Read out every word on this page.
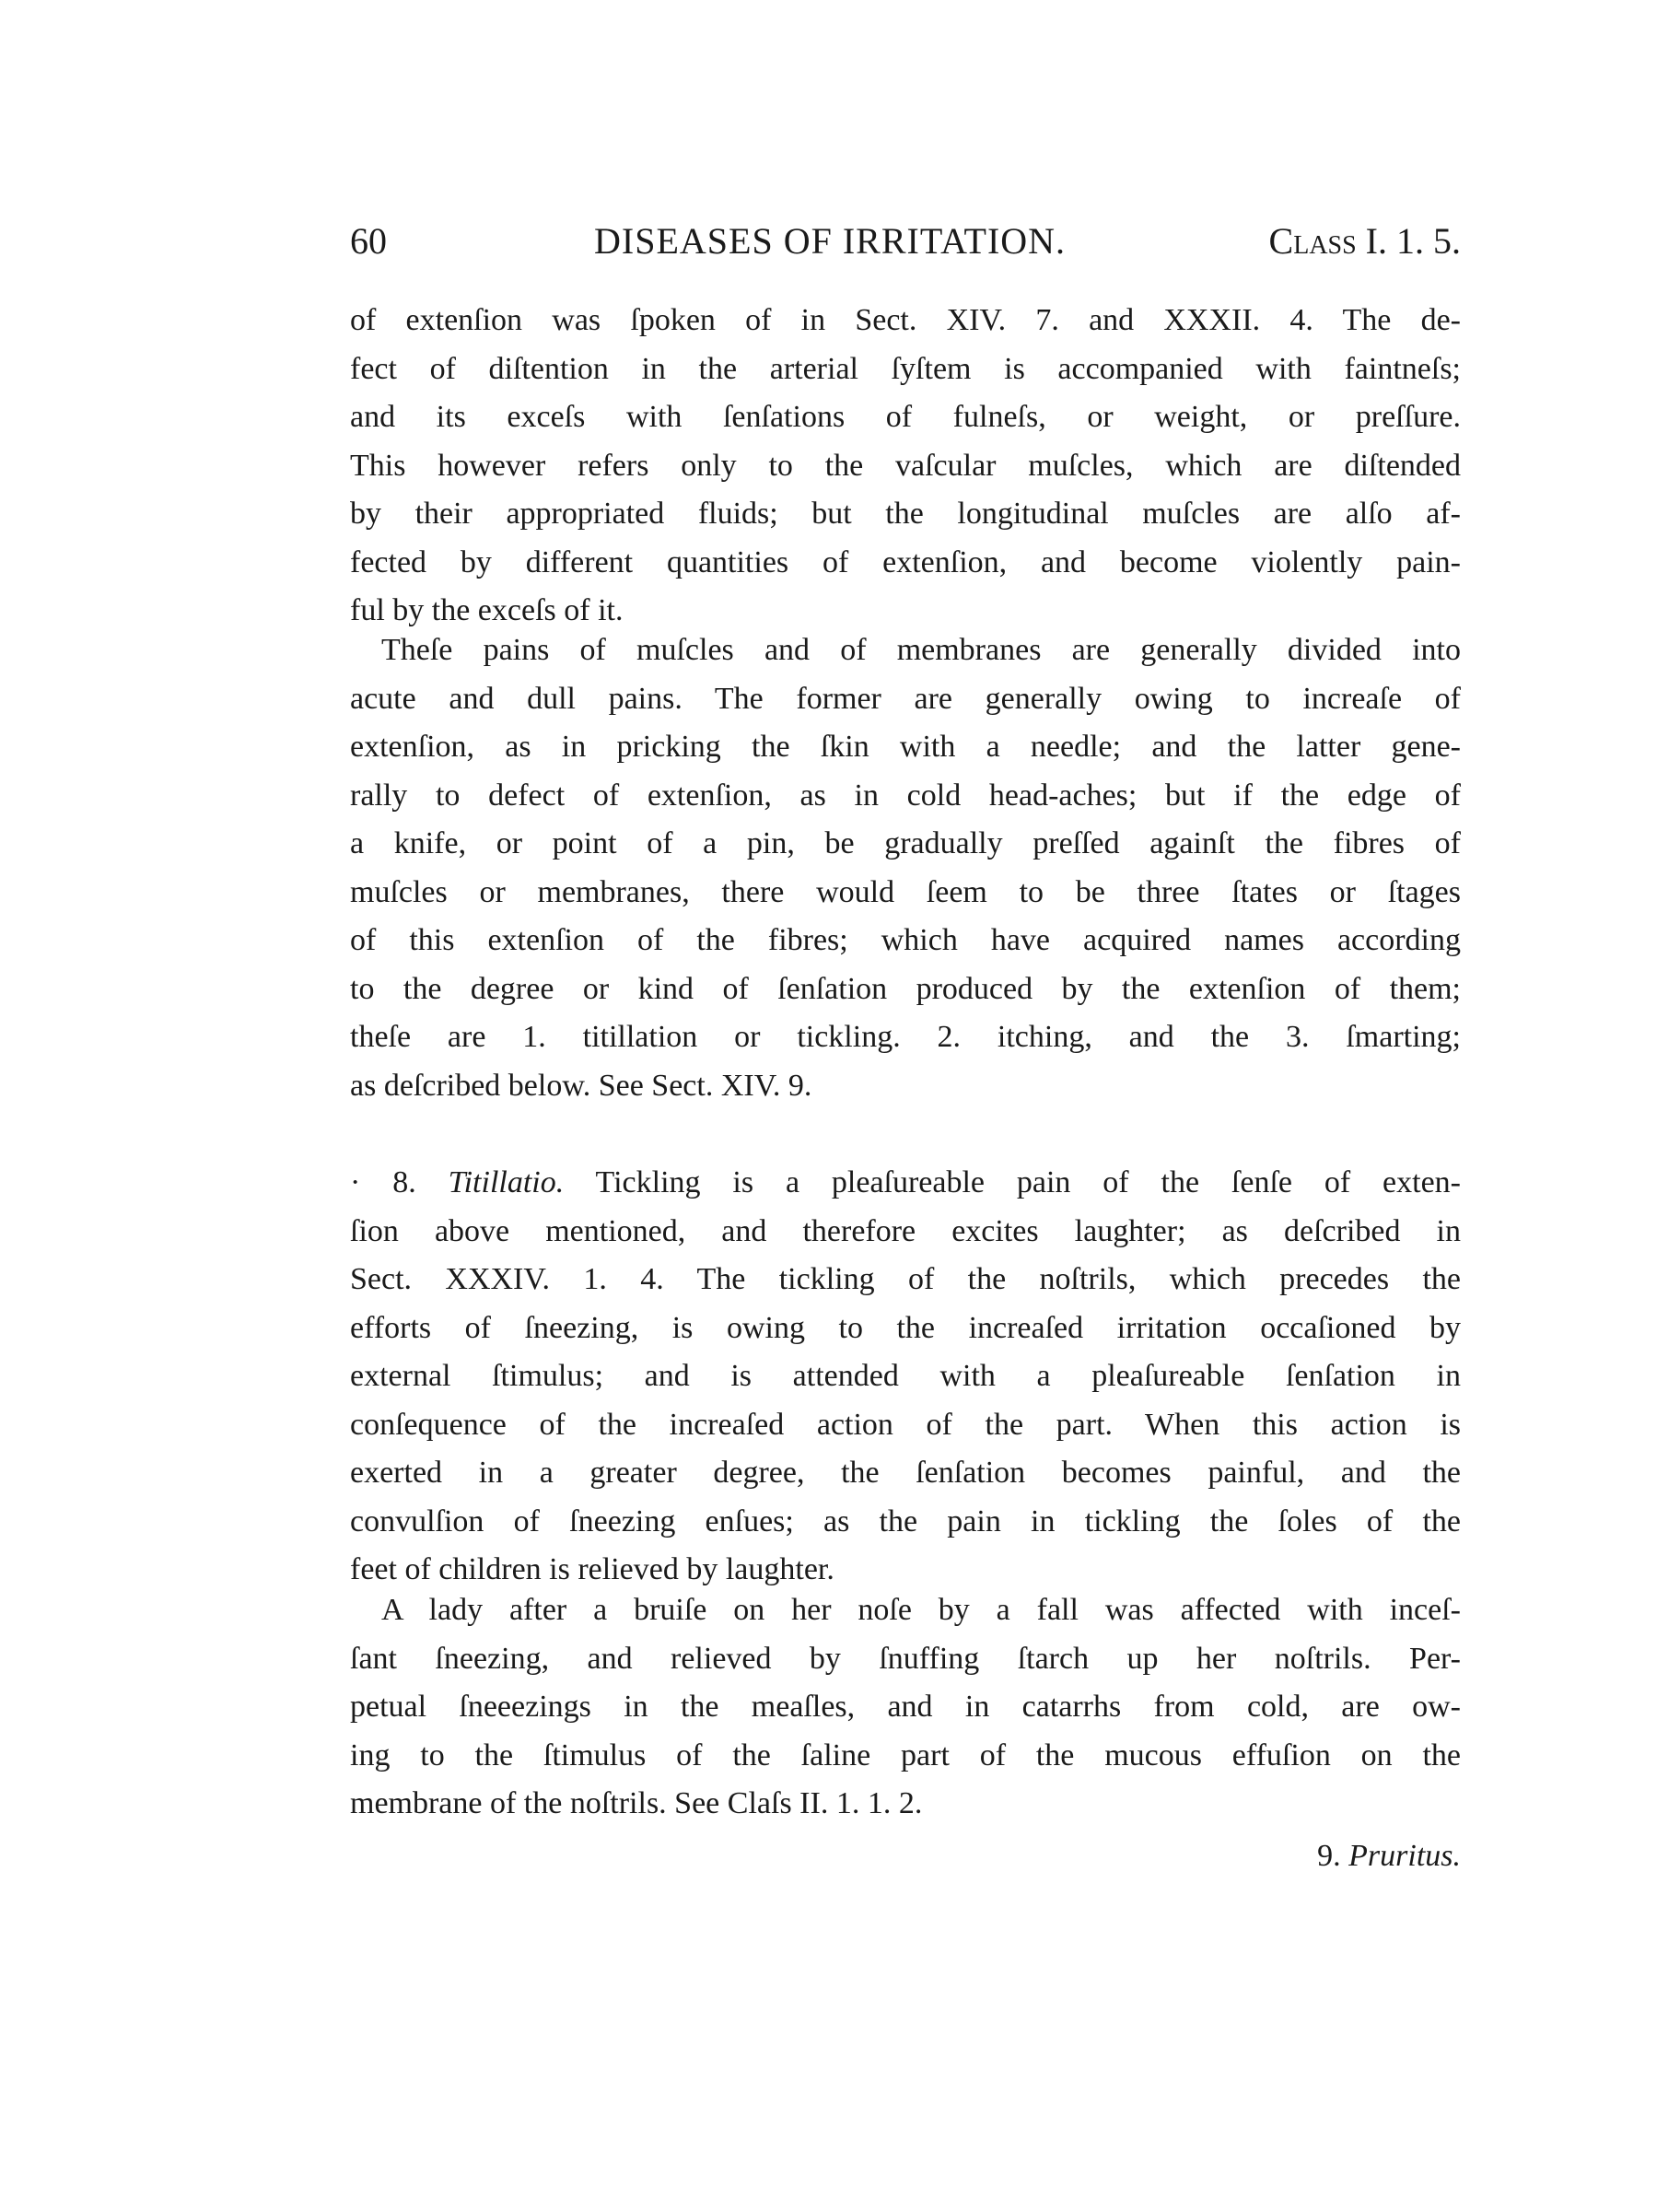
60	DISEASES OF IRRITATION.	Class I. 1. 5.
of extenſion was ſpoken of in Sect. XIV. 7. and XXXII. 4. The de-
fect of diſtention in the arterial ſyſtem is accompanied with faintneſs;
and its exceſs with ſenſations of fulneſs, or weight, or preſſure.
This however refers only to the vaſcular muſcles, which are diſtended
by their appropriated fluids; but the longitudinal muſcles are alſo af-
fected by different quantities of extenſion, and become violently pain-
ful by the exceſs of it.
Theſe pains of muſcles and of membranes are generally divided into
acute and dull pains. The former are generally owing to increaſe of
extenſion, as in pricking the ſkin with a needle; and the latter gene-
rally to defect of extenſion, as in cold head-aches; but if the edge of
a knife, or point of a pin, be gradually preſſed againſt the fibres of
muſcles or membranes, there would ſeem to be three ſtates or ſtages
of this extenſion of the fibres; which have acquired names according
to the degree or kind of ſenſation produced by the extenſion of them;
theſe are 1. titillation or tickling. 2. itching, and the 3. ſmarting;
as deſcribed below. See Sect. XIV. 9.
· 8. Titillatio. Tickling is a pleaſureable pain of the ſenſe of exten-
ſion above mentioned, and therefore excites laughter; as deſcribed in
Sect. XXXIV. 1. 4. The tickling of the noſtrils, which precedes the
efforts of ſneezing, is owing to the increaſed irritation occaſioned by
external ſtimulus; and is attended with a pleaſureable ſenſation in
conſequence of the increaſed action of the part. When this action is
exerted in a greater degree, the ſenſation becomes painful, and the
convulſion of ſneezing enſues; as the pain in tickling the ſoles of the
feet of children is relieved by laughter.
A lady after a bruiſe on her noſe by a fall was affected with inceſ-
ſant ſneezing, and relieved by ſnuffing ſtarch up her noſtrils. Per-
petual ſneeezings in the meaſles, and in catarrhs from cold, are ow-
ing to the ſtimulus of the ſaline part of the mucous effuſion on the
membrane of the noſtrils. See Claſs II. 1. 1. 2.
9. Pruritus.
